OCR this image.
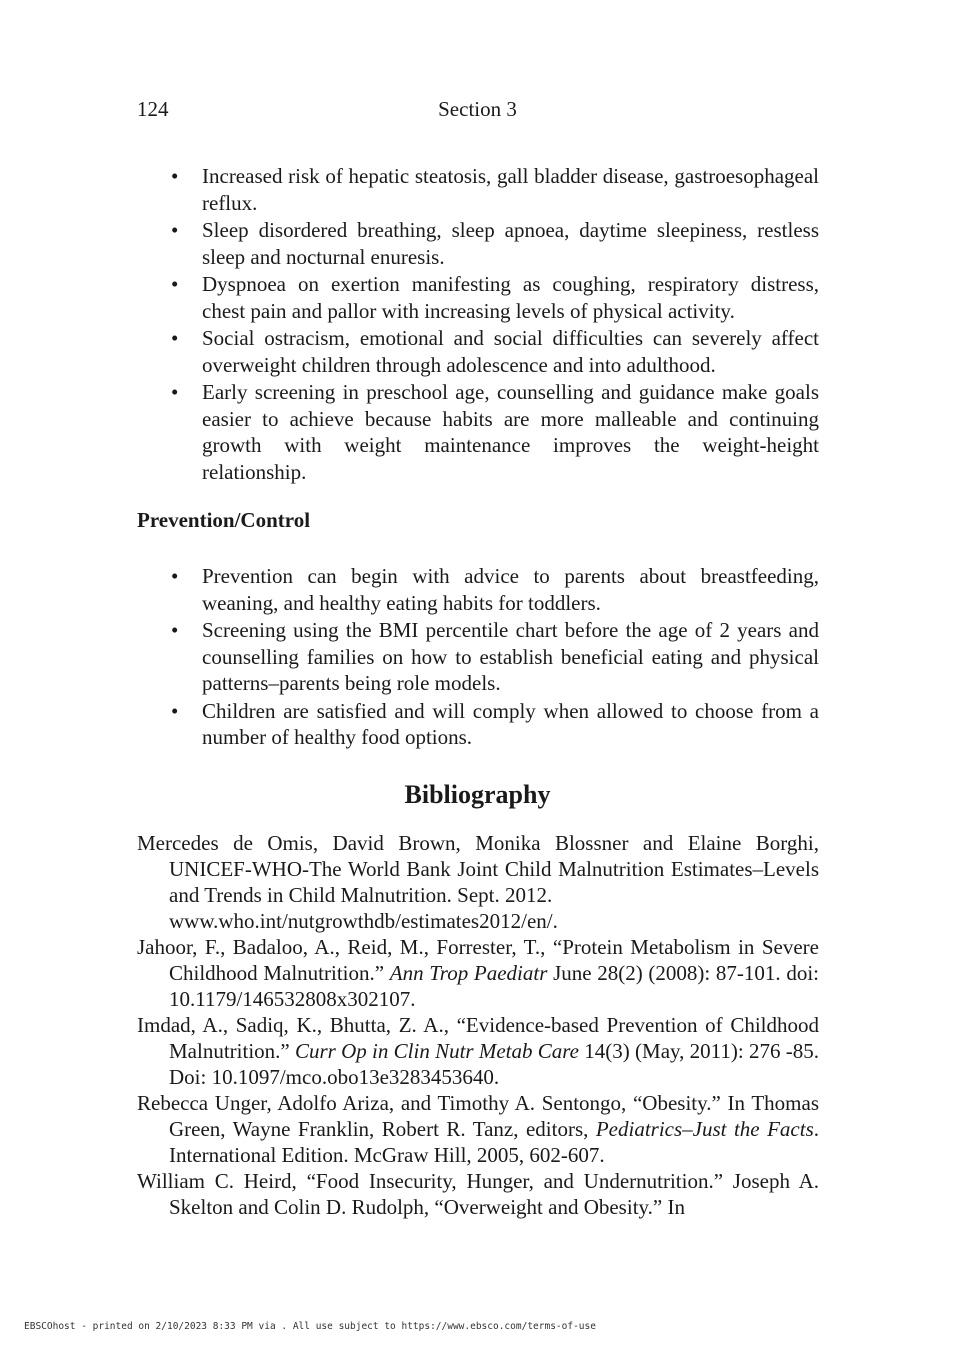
124	Section 3
• Increased risk of hepatic steatosis, gall bladder disease, gastroesophageal reflux.
• Sleep disordered breathing, sleep apnoea, daytime sleepiness, restless sleep and nocturnal enuresis.
• Dyspnoea on exertion manifesting as coughing, respiratory distress, chest pain and pallor with increasing levels of physical activity.
• Social ostracism, emotional and social difficulties can severely affect overweight children through adolescence and into adulthood.
• Early screening in preschool age, counselling and guidance make goals easier to achieve because habits are more malleable and continuing growth with weight maintenance improves the weight-height relationship.
Prevention/Control
• Prevention can begin with advice to parents about breastfeeding, weaning, and healthy eating habits for toddlers.
• Screening using the BMI percentile chart before the age of 2 years and counselling families on how to establish beneficial eating and physical patterns–parents being role models.
• Children are satisfied and will comply when allowed to choose from a number of healthy food options.
Bibliography

Mercedes de Omis, David Brown, Monika Blossner and Elaine Borghi, UNICEF-WHO-The World Bank Joint Child Malnutrition Estimates–Levels and Trends in Child Malnutrition. Sept. 2012.
www.who.int/nutgrowthdb/estimates2012/en/.

Jahoor, F., Badaloo, A., Reid, M., Forrester, T., “Protein Metabolism in Severe Childhood Malnutrition.” Ann Trop Paediatr June 28(2) (2008): 87-101. doi: 10.1179/146532808x302107.

Imdad, A., Sadiq, K., Bhutta, Z. A., “Evidence-based Prevention of Childhood Malnutrition.” Curr Op in Clin Nutr Metab Care 14(3) (May, 2011): 276 -85. Doi: 10.1097/mco.obo13e3283453640.

Rebecca Unger, Adolfo Ariza, and Timothy A. Sentongo, “Obesity.” In Thomas Green, Wayne Franklin, Robert R. Tanz, editors, Pediatrics–Just the Facts. International Edition. McGraw Hill, 2005, 602-607.

William C. Heird, “Food Insecurity, Hunger, and Undernutrition.” Joseph A. Skelton and Colin D. Rudolph, “Overweight and Obesity.” In

EBSCOhost - printed on 2/10/2023 8:33 PM via . All use subject to https://www.ebsco.com/terms-of-use
